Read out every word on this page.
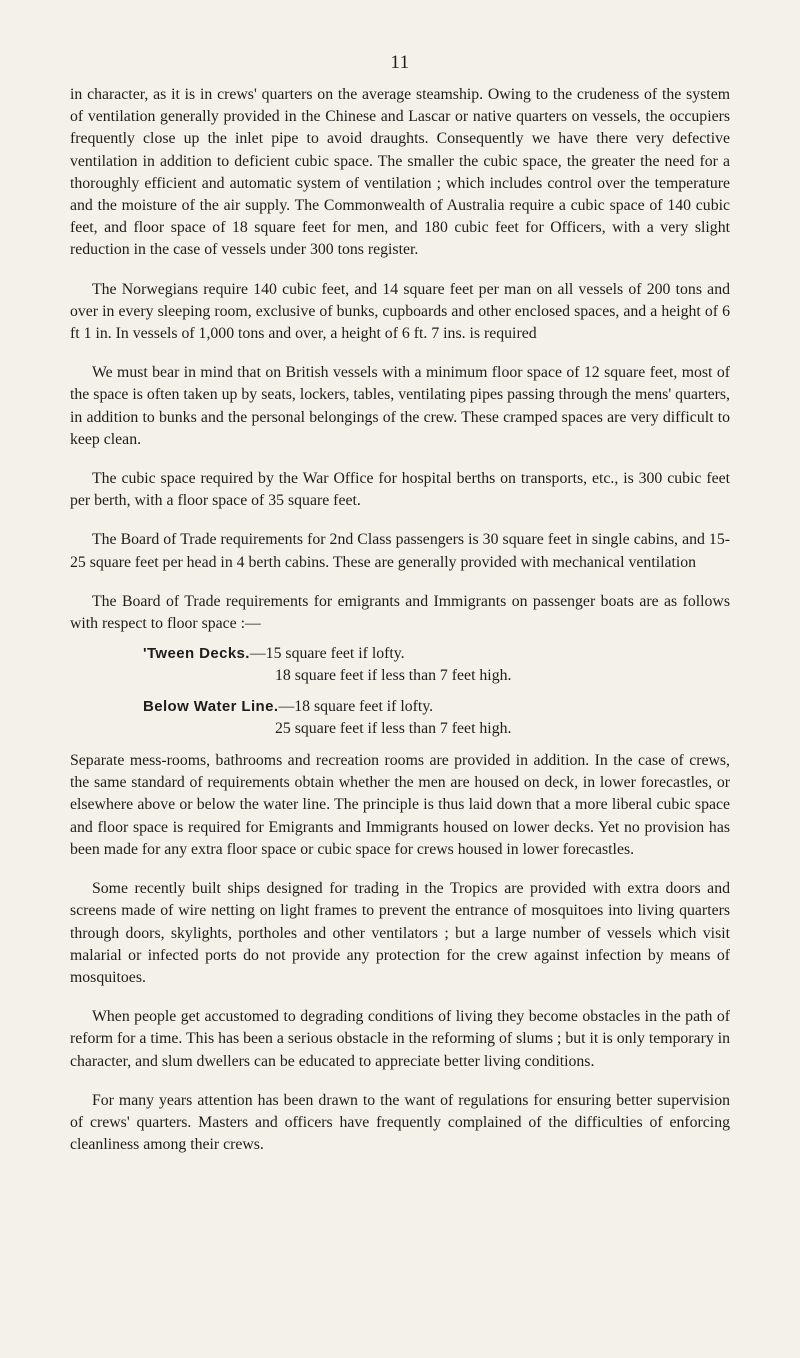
11

in character, as it is in crews' quarters on the average steamship. Owing to the crudeness of the system of ventilation generally provided in the Chinese and Lascar or native quarters on vessels, the occupiers frequently close up the inlet pipe to avoid draughts. Consequently we have there very defective ventilation in addition to deficient cubic space. The smaller the cubic space, the greater the need for a thoroughly efficient and automatic system of ventilation ; which includes control over the temperature and the moisture of the air supply. The Commonwealth of Australia require a cubic space of 140 cubic feet, and floor space of 18 square feet for men, and 180 cubic feet for Officers, with a very slight reduction in the case of vessels under 300 tons register.

The Norwegians require 140 cubic feet, and 14 square feet per man on all vessels of 200 tons and over in every sleeping room, exclusive of bunks, cupboards and other enclosed spaces, and a height of 6 ft 1 in. In vessels of 1,000 tons and over, a height of 6 ft. 7 ins. is required

We must bear in mind that on British vessels with a minimum floor space of 12 square feet, most of the space is often taken up by seats, lockers, tables, ventilating pipes passing through the mens' quarters, in addition to bunks and the personal belongings of the crew. These cramped spaces are very difficult to keep clean.

The cubic space required by the War Office for hospital berths on transports, etc., is 300 cubic feet per berth, with a floor space of 35 square feet.

The Board of Trade requirements for 2nd Class passengers is 30 square feet in single cabins, and 15-25 square feet per head in 4 berth cabins. These are generally provided with mechanical ventilation

The Board of Trade requirements for emigrants and Immigrants on passenger boats are as follows with respect to floor space :—

'Tween Decks.—15 square feet if lofty.
18 square feet if less than 7 feet high.
Below Water Line.—18 square feet if lofty.
25 square feet if less than 7 feet high.

Separate mess-rooms, bathrooms and recreation rooms are provided in addition. In the case of crews, the same standard of requirements obtain whether the men are housed on deck, in lower forecastles, or elsewhere above or below the water line. The principle is thus laid down that a more liberal cubic space and floor space is required for Emigrants and Immigrants housed on lower decks. Yet no provision has been made for any extra floor space or cubic space for crews housed in lower forecastles.

Some recently built ships designed for trading in the Tropics are provided with extra doors and screens made of wire netting on light frames to prevent the entrance of mosquitoes into living quarters through doors, skylights, portholes and other ventilators ; but a large number of vessels which visit malarial or infected ports do not provide any protection for the crew against infection by means of mosquitoes.

When people get accustomed to degrading conditions of living they become obstacles in the path of reform for a time. This has been a serious obstacle in the reforming of slums ; but it is only temporary in character, and slum dwellers can be educated to appreciate better living conditions.

For many years attention has been drawn to the want of regulations for ensuring better supervision of crews' quarters. Masters and officers have frequently complained of the difficulties of enforcing cleanliness among their crews.
